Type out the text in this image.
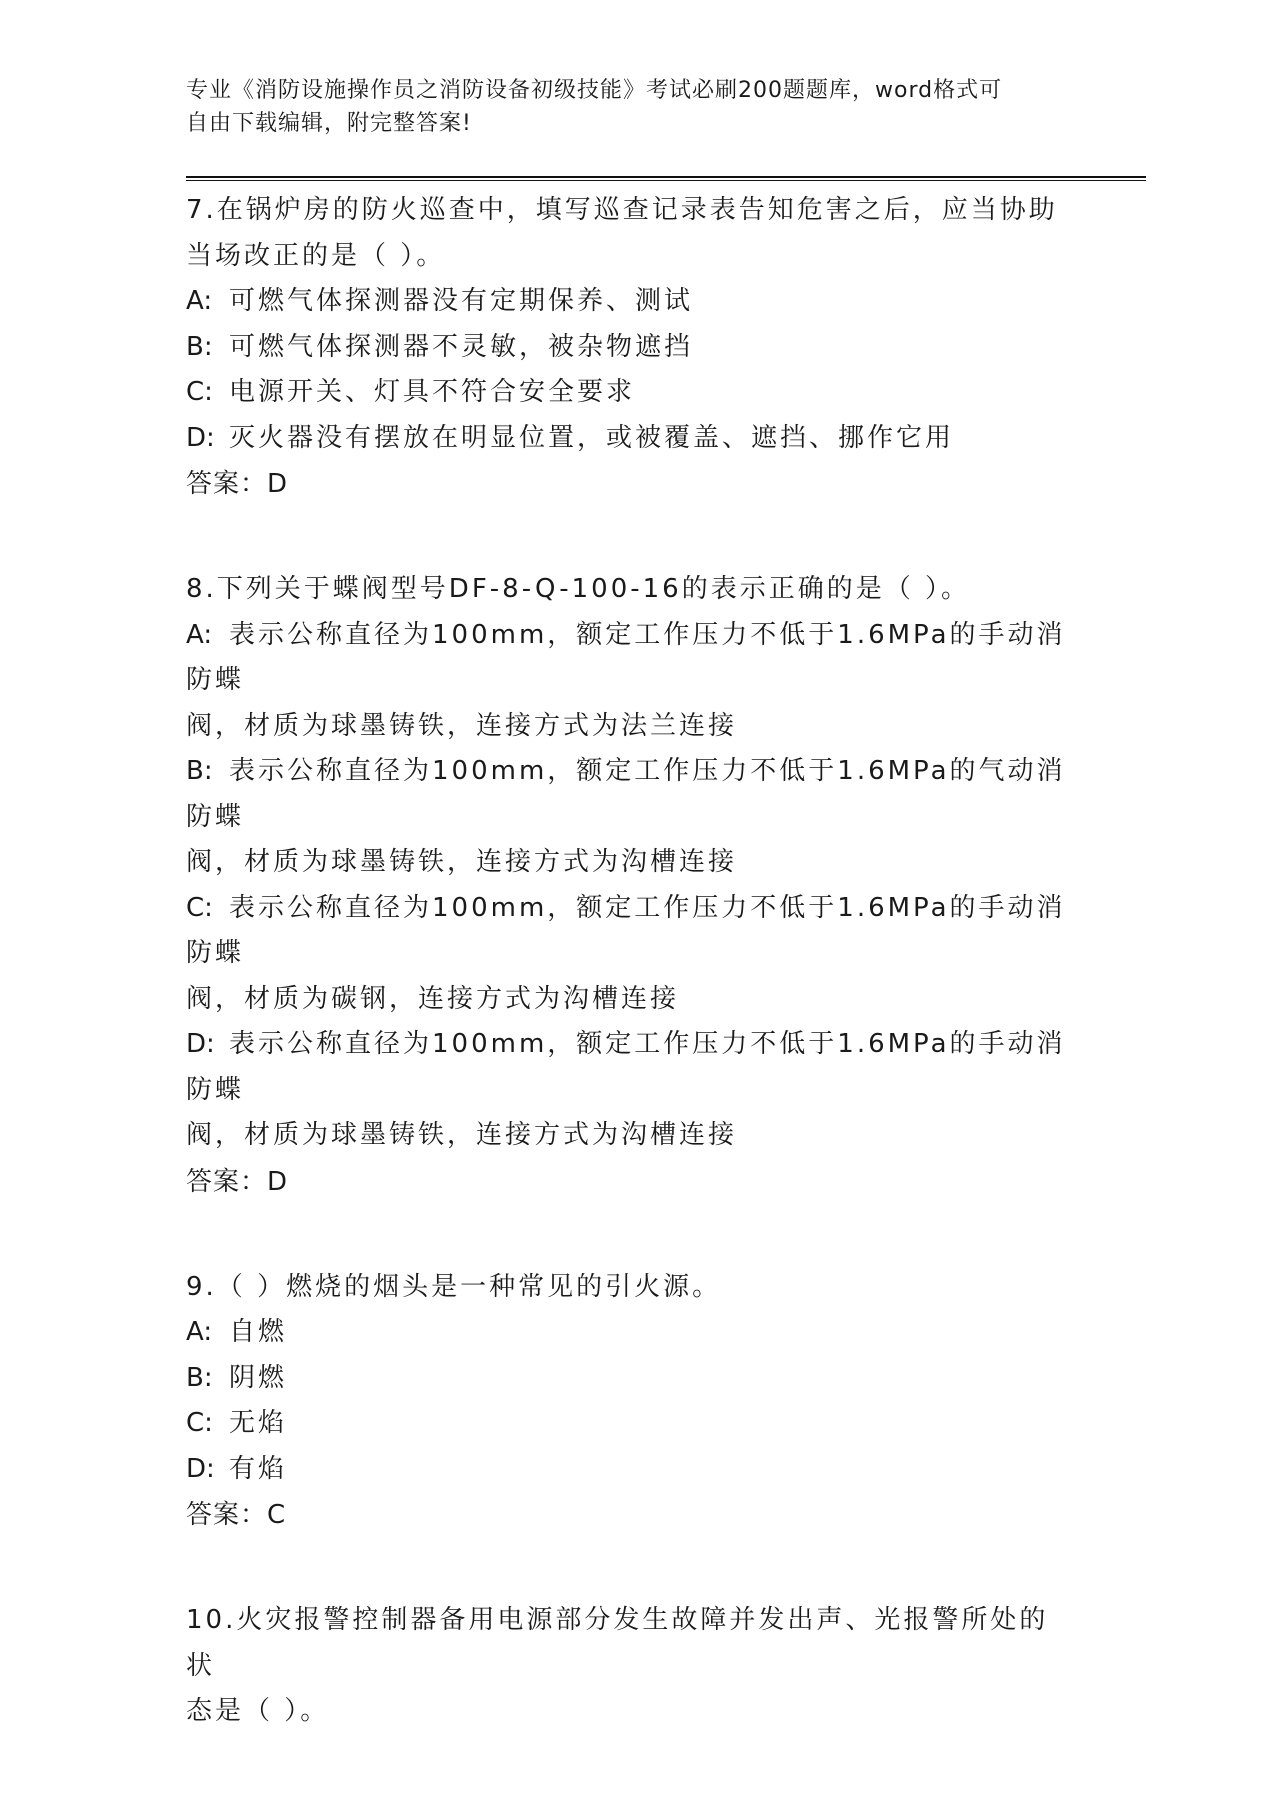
专业《消防设施操作员之消防设备初级技能》考试必刷200题题库，word格式可
自由下载编辑，附完整答案!
7.在锅炉房的防火巡查中，填写巡查记录表告知危害之后，应当协助
当场改正的是（ ）。
A: 可燃气体探测器没有定期保养、测试
B: 可燃气体探测器不灵敏，被杂物遮挡
C: 电源开关、灯具不符合安全要求
D: 灭火器没有摆放在明显位置，或被覆盖、遮挡、挪作它用
答案：D
8.下列关于蝶阀型号DF-8-Q-100-16的表示正确的是（ ）。
A: 表示公称直径为100mm，额定工作压力不低于1.6MPa的手动消防蝶
阀，材质为球墨铸铁，连接方式为法兰连接
B: 表示公称直径为100mm，额定工作压力不低于1.6MPa的气动消防蝶
阀，材质为球墨铸铁，连接方式为沟槽连接
C: 表示公称直径为100mm，额定工作压力不低于1.6MPa的手动消防蝶
阀，材质为碳钢，连接方式为沟槽连接
D: 表示公称直径为100mm，额定工作压力不低于1.6MPa的手动消防蝶
阀，材质为球墨铸铁，连接方式为沟槽连接
答案：D
9.（ ）燃烧的烟头是一种常见的引火源。
A: 自燃
B: 阴燃
C: 无焰
D: 有焰
答案：C
10.火灾报警控制器备用电源部分发生故障并发出声、光报警所处的状
态是（ ）。
